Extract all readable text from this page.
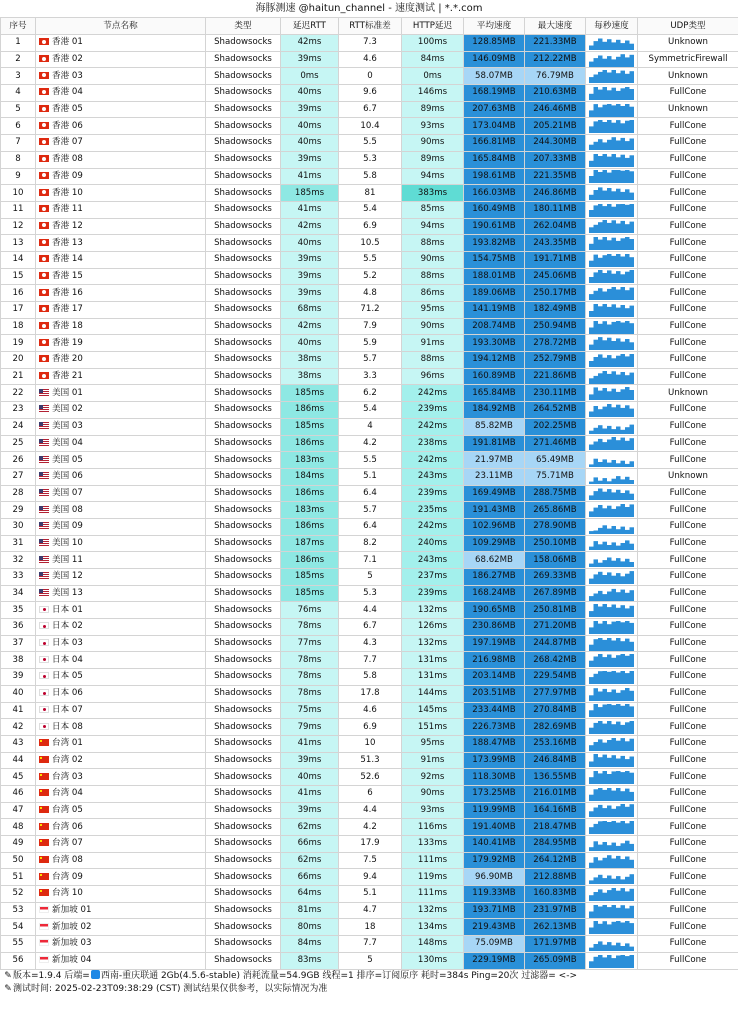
海豚测速 @haitun_channel - 速度测试 | *.*.com
序号	节点名称	类型	延迟RTT	RTT标准差	HTTP延迟	平均速度	最大速度	每秒速度	UDP类型
1	香港 01	Shadowsocks	42ms	7.3	100ms	128.85MB	221.33MB		Unknown
2	香港 02	Shadowsocks	39ms	4.6	84ms	146.09MB	212.22MB		SymmetricFirewall
3	香港 03	Shadowsocks	0ms	0	0ms	58.07MB	76.79MB		Unknown
4	香港 04	Shadowsocks	40ms	9.6	146ms	168.19MB	210.63MB		FullCone
5	香港 05	Shadowsocks	39ms	6.7	89ms	207.63MB	246.46MB		Unknown
6	香港 06	Shadowsocks	40ms	10.4	93ms	173.04MB	205.21MB		FullCone
7	香港 07	Shadowsocks	40ms	5.5	90ms	166.81MB	244.30MB		FullCone
8	香港 08	Shadowsocks	39ms	5.3	89ms	165.84MB	207.33MB		FullCone
9	香港 09	Shadowsocks	41ms	5.8	94ms	198.61MB	221.35MB		FullCone
10	香港 10	Shadowsocks	185ms	81	383ms	166.03MB	246.86MB		FullCone
11	香港 11	Shadowsocks	41ms	5.4	85ms	160.49MB	180.11MB		FullCone
12	香港 12	Shadowsocks	42ms	6.9	94ms	190.61MB	262.04MB		FullCone
13	香港 13	Shadowsocks	40ms	10.5	88ms	193.82MB	243.35MB		FullCone
14	香港 14	Shadowsocks	39ms	5.5	90ms	154.75MB	191.71MB		FullCone
15	香港 15	Shadowsocks	39ms	5.2	88ms	188.01MB	245.06MB		FullCone
16	香港 16	Shadowsocks	39ms	4.8	86ms	189.06MB	250.17MB		FullCone
17	香港 17	Shadowsocks	68ms	71.2	95ms	141.19MB	182.49MB		FullCone
18	香港 18	Shadowsocks	42ms	7.9	90ms	208.74MB	250.94MB		FullCone
19	香港 19	Shadowsocks	40ms	5.9	91ms	193.30MB	278.72MB		FullCone
20	香港 20	Shadowsocks	38ms	5.7	88ms	194.12MB	252.79MB		FullCone
21	香港 21	Shadowsocks	38ms	3.3	96ms	160.89MB	221.86MB		FullCone
22	美国 01	Shadowsocks	185ms	6.2	242ms	165.84MB	230.11MB		Unknown
23	美国 02	Shadowsocks	186ms	5.4	239ms	184.92MB	264.52MB		FullCone
24	美国 03	Shadowsocks	185ms	4	242ms	85.82MB	202.25MB		FullCone
25	美国 04	Shadowsocks	186ms	4.2	238ms	191.81MB	271.46MB		FullCone
26	美国 05	Shadowsocks	183ms	5.5	242ms	21.97MB	65.49MB		FullCone
27	美国 06	Shadowsocks	184ms	5.1	243ms	23.11MB	75.71MB		Unknown
28	美国 07	Shadowsocks	186ms	6.4	239ms	169.49MB	288.75MB		FullCone
29	美国 08	Shadowsocks	183ms	5.7	235ms	191.43MB	265.86MB		FullCone
30	美国 09	Shadowsocks	186ms	6.4	242ms	102.96MB	278.90MB		FullCone
31	美国 10	Shadowsocks	187ms	8.2	240ms	109.29MB	250.10MB		FullCone
32	美国 11	Shadowsocks	186ms	7.1	243ms	68.62MB	158.06MB		FullCone
33	美国 12	Shadowsocks	185ms	5	237ms	186.27MB	269.33MB		FullCone
34	美国 13	Shadowsocks	185ms	5.3	239ms	168.24MB	267.89MB		FullCone
35	日本 01	Shadowsocks	76ms	4.4	132ms	190.65MB	250.81MB		FullCone
36	日本 02	Shadowsocks	78ms	6.7	126ms	230.86MB	271.20MB		FullCone
37	日本 03	Shadowsocks	77ms	4.3	132ms	197.19MB	244.87MB		FullCone
38	日本 04	Shadowsocks	78ms	7.7	131ms	216.98MB	268.42MB		FullCone
39	日本 05	Shadowsocks	78ms	5.8	131ms	203.14MB	229.54MB		FullCone
40	日本 06	Shadowsocks	78ms	17.8	144ms	203.51MB	277.97MB		FullCone
41	日本 07	Shadowsocks	75ms	4.6	145ms	233.44MB	270.84MB		FullCone
42	日本 08	Shadowsocks	79ms	6.9	151ms	226.73MB	282.69MB		FullCone
43	台湾 01	Shadowsocks	41ms	10	95ms	188.47MB	253.16MB		FullCone
44	台湾 02	Shadowsocks	39ms	51.3	91ms	173.99MB	246.84MB		FullCone
45	台湾 03	Shadowsocks	40ms	52.6	92ms	118.30MB	136.55MB		FullCone
46	台湾 04	Shadowsocks	41ms	6	90ms	173.25MB	216.01MB		FullCone
47	台湾 05	Shadowsocks	39ms	4.4	93ms	119.99MB	164.16MB		FullCone
48	台湾 06	Shadowsocks	62ms	4.2	116ms	191.40MB	218.47MB		FullCone
49	台湾 07	Shadowsocks	66ms	17.9	133ms	140.41MB	284.95MB		FullCone
50	台湾 08	Shadowsocks	62ms	7.5	111ms	179.92MB	264.12MB		FullCone
51	台湾 09	Shadowsocks	66ms	9.4	119ms	96.90MB	212.88MB		FullCone
52	台湾 10	Shadowsocks	64ms	5.1	111ms	119.33MB	160.83MB		FullCone
53	新加坡 01	Shadowsocks	81ms	4.7	132ms	193.71MB	231.97MB		FullCone
54	新加坡 02	Shadowsocks	80ms	18	134ms	219.43MB	262.13MB		FullCone
55	新加坡 03	Shadowsocks	84ms	7.7	148ms	75.09MB	171.97MB		FullCone
56	新加坡 04	Shadowsocks	83ms	5	130ms	229.19MB	265.09MB		FullCone
✎版本=1.9.4 后端= 西南-重庆联通 2Gb(4.5.6-stable) 消耗流量=54.9GB 线程=1 排序=订阅原序 耗时=384s Ping=20次 过滤器= <->
✎测试时间: 2025-02-23T09:38:29 (CST) 测试结果仅供参考，以实际情况为准
